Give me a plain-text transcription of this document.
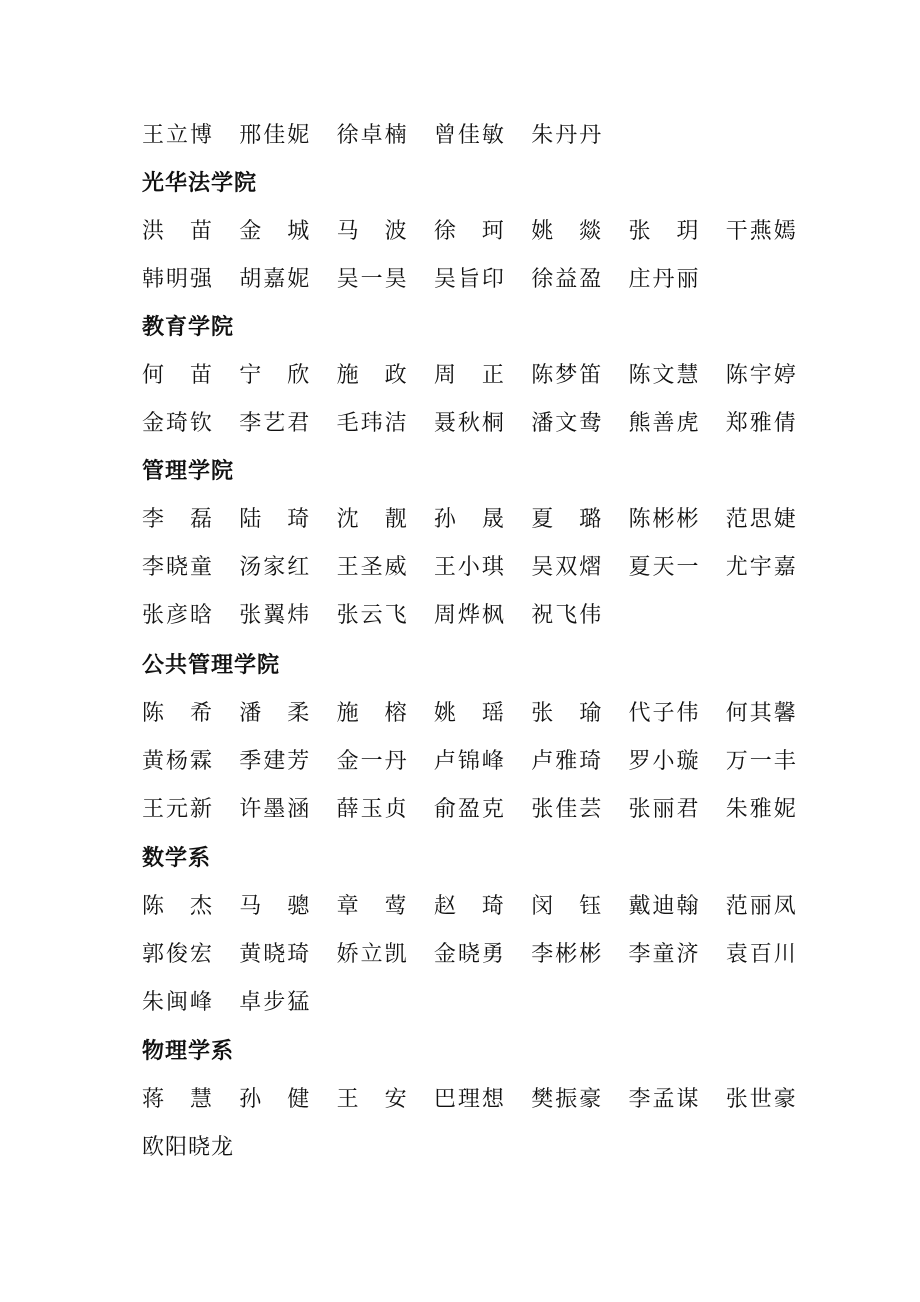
王立博	邢佳妮	徐卓楠	曾佳敏	朱丹丹
光华法学院
洪苗 金城 马波 徐珂 姚燚 张玥 干燕嫣
韩明强	胡嘉妮	吴一昊	吴旨印	徐益盈	庄丹丽
教育学院
何苗 宁欣 施政 周正 陈梦笛	陈文慧	陈宇婷
金琦钦	李艺君	毛玮洁	聂秋桐	潘文鸯	熊善虎	郑雅倩
管理学院
李磊 陆琦 沈靓 孙晟 夏璐 陈彬彬	范思婕
李晓童	汤家红	王圣威	王小琪	吴双熠	夏天一	尤宇嘉
张彦晗	张翼炜	张云飞	周烨枫	祝飞伟
公共管理学院
陈希 潘柔 施榕 姚瑶 张瑜 代子伟	何其馨
黄杨霖	季建芳	金一丹	卢锦峰	卢雅琦	罗小璇	万一丰
王元新	许墨涵	薛玉贞	俞盈克	张佳芸	张丽君	朱雅妮
数学系
陈杰 马骢 章莺 赵琦 闵钰 戴迪翰	范丽凤
郭俊宏	黄晓琦	娇立凯	金晓勇	李彬彬	李童济	袁百川
朱闽峰	卓步猛
物理学系
蒋慧 孙健 王安 巴理想	樊振豪	李孟谋	张世豪
欧阳晓龙
